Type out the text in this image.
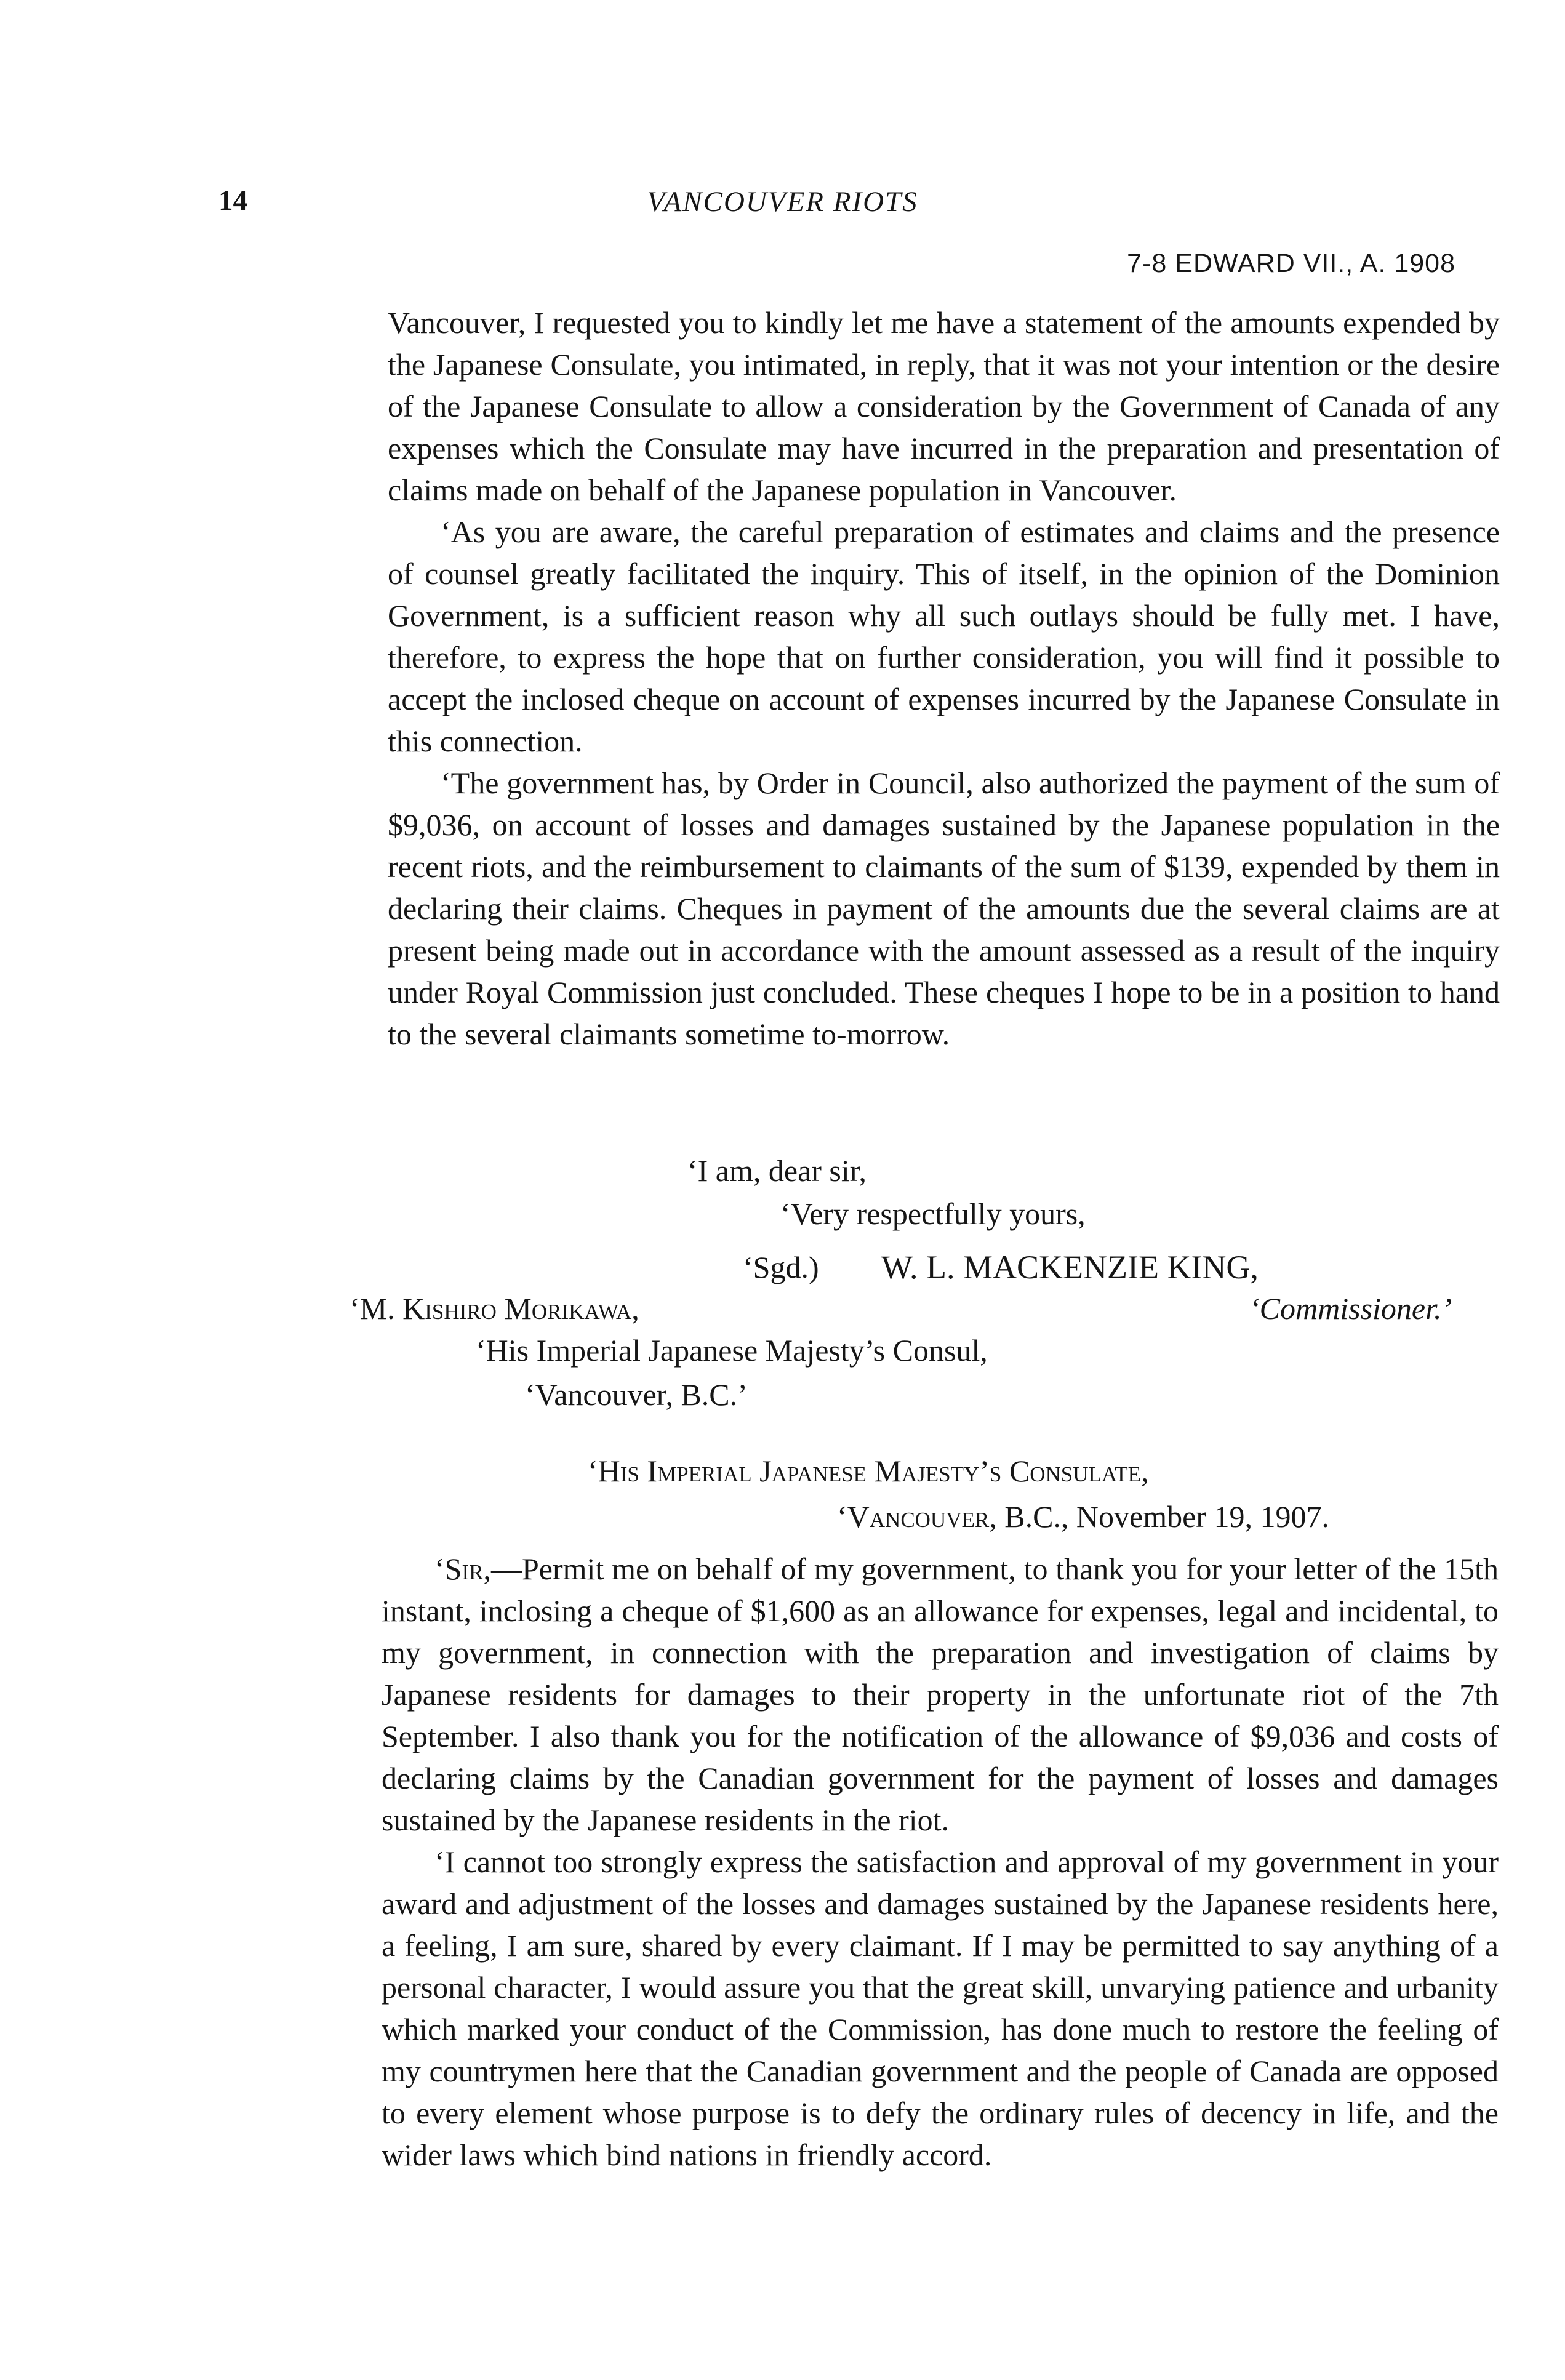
14	VANCOUVER RIOTS
7-8 EDWARD VII., A. 1908

Vancouver, I requested you to kindly let me have a statement of the amounts expended by the Japanese Consulate, you intimated, in reply, that it was not your intention or the desire of the Japanese Consulate to allow a consideration by the Government of Canada of any expenses which the Consulate may have incurred in the preparation and presentation of claims made on behalf of the Japanese population in Vancouver.

‘As you are aware, the careful preparation of estimates and claims and the presence of counsel greatly facilitated the inquiry. This of itself, in the opinion of the Dominion Government, is a sufficient reason why all such outlays should be fully met. I have, therefore, to express the hope that on further consideration, you will find it possible to accept the inclosed cheque on account of expenses incurred by the Japanese Consulate in this connection.

‘The government has, by Order in Council, also authorized the payment of the sum of $9,036, on account of losses and damages sustained by the Japanese population in the recent riots, and the reimbursement to claimants of the sum of $139, expended by them in declaring their claims. Cheques in payment of the amounts due the several claims are at present being made out in accordance with the amount assessed as a result of the inquiry under Royal Commission just concluded. These cheques I hope to be in a position to hand to the several claimants sometime to-morrow.

‘I am, dear sir,
‘Very respectfully yours,
‘Sgd.) W. L. MACKENZIE KING,
‘M. Kishiro Morikawa,	‘Commissioner.’
‘His Imperial Japanese Majesty’s Consul,
‘Vancouver, B.C.’
‘His Imperial Japanese Majesty’s Consulate,
‘Vancouver, B.C., November 19, 1907.

‘Sir,—Permit me on behalf of my government, to thank you for your letter of the 15th instant, inclosing a cheque of $1,600 as an allowance for expenses, legal and incidental, to my government, in connection with the preparation and investigation of claims by Japanese residents for damages to their property in the unfortunate riot of the 7th September. I also thank you for the notification of the allowance of $9,036 and costs of declaring claims by the Canadian government for the payment of losses and damages sustained by the Japanese residents in the riot.

‘I cannot too strongly express the satisfaction and approval of my government in your award and adjustment of the losses and damages sustained by the Japanese residents here, a feeling, I am sure, shared by every claimant. If I may be permitted to say anything of a personal character, I would assure you that the great skill, unvarying patience and urbanity which marked your conduct of the Commission, has done much to restore the feeling of my countrymen here that the Canadian government and the people of Canada are opposed to every element whose purpose is to defy the ordinary rules of decency in life, and the wider laws which bind nations in friendly accord.
